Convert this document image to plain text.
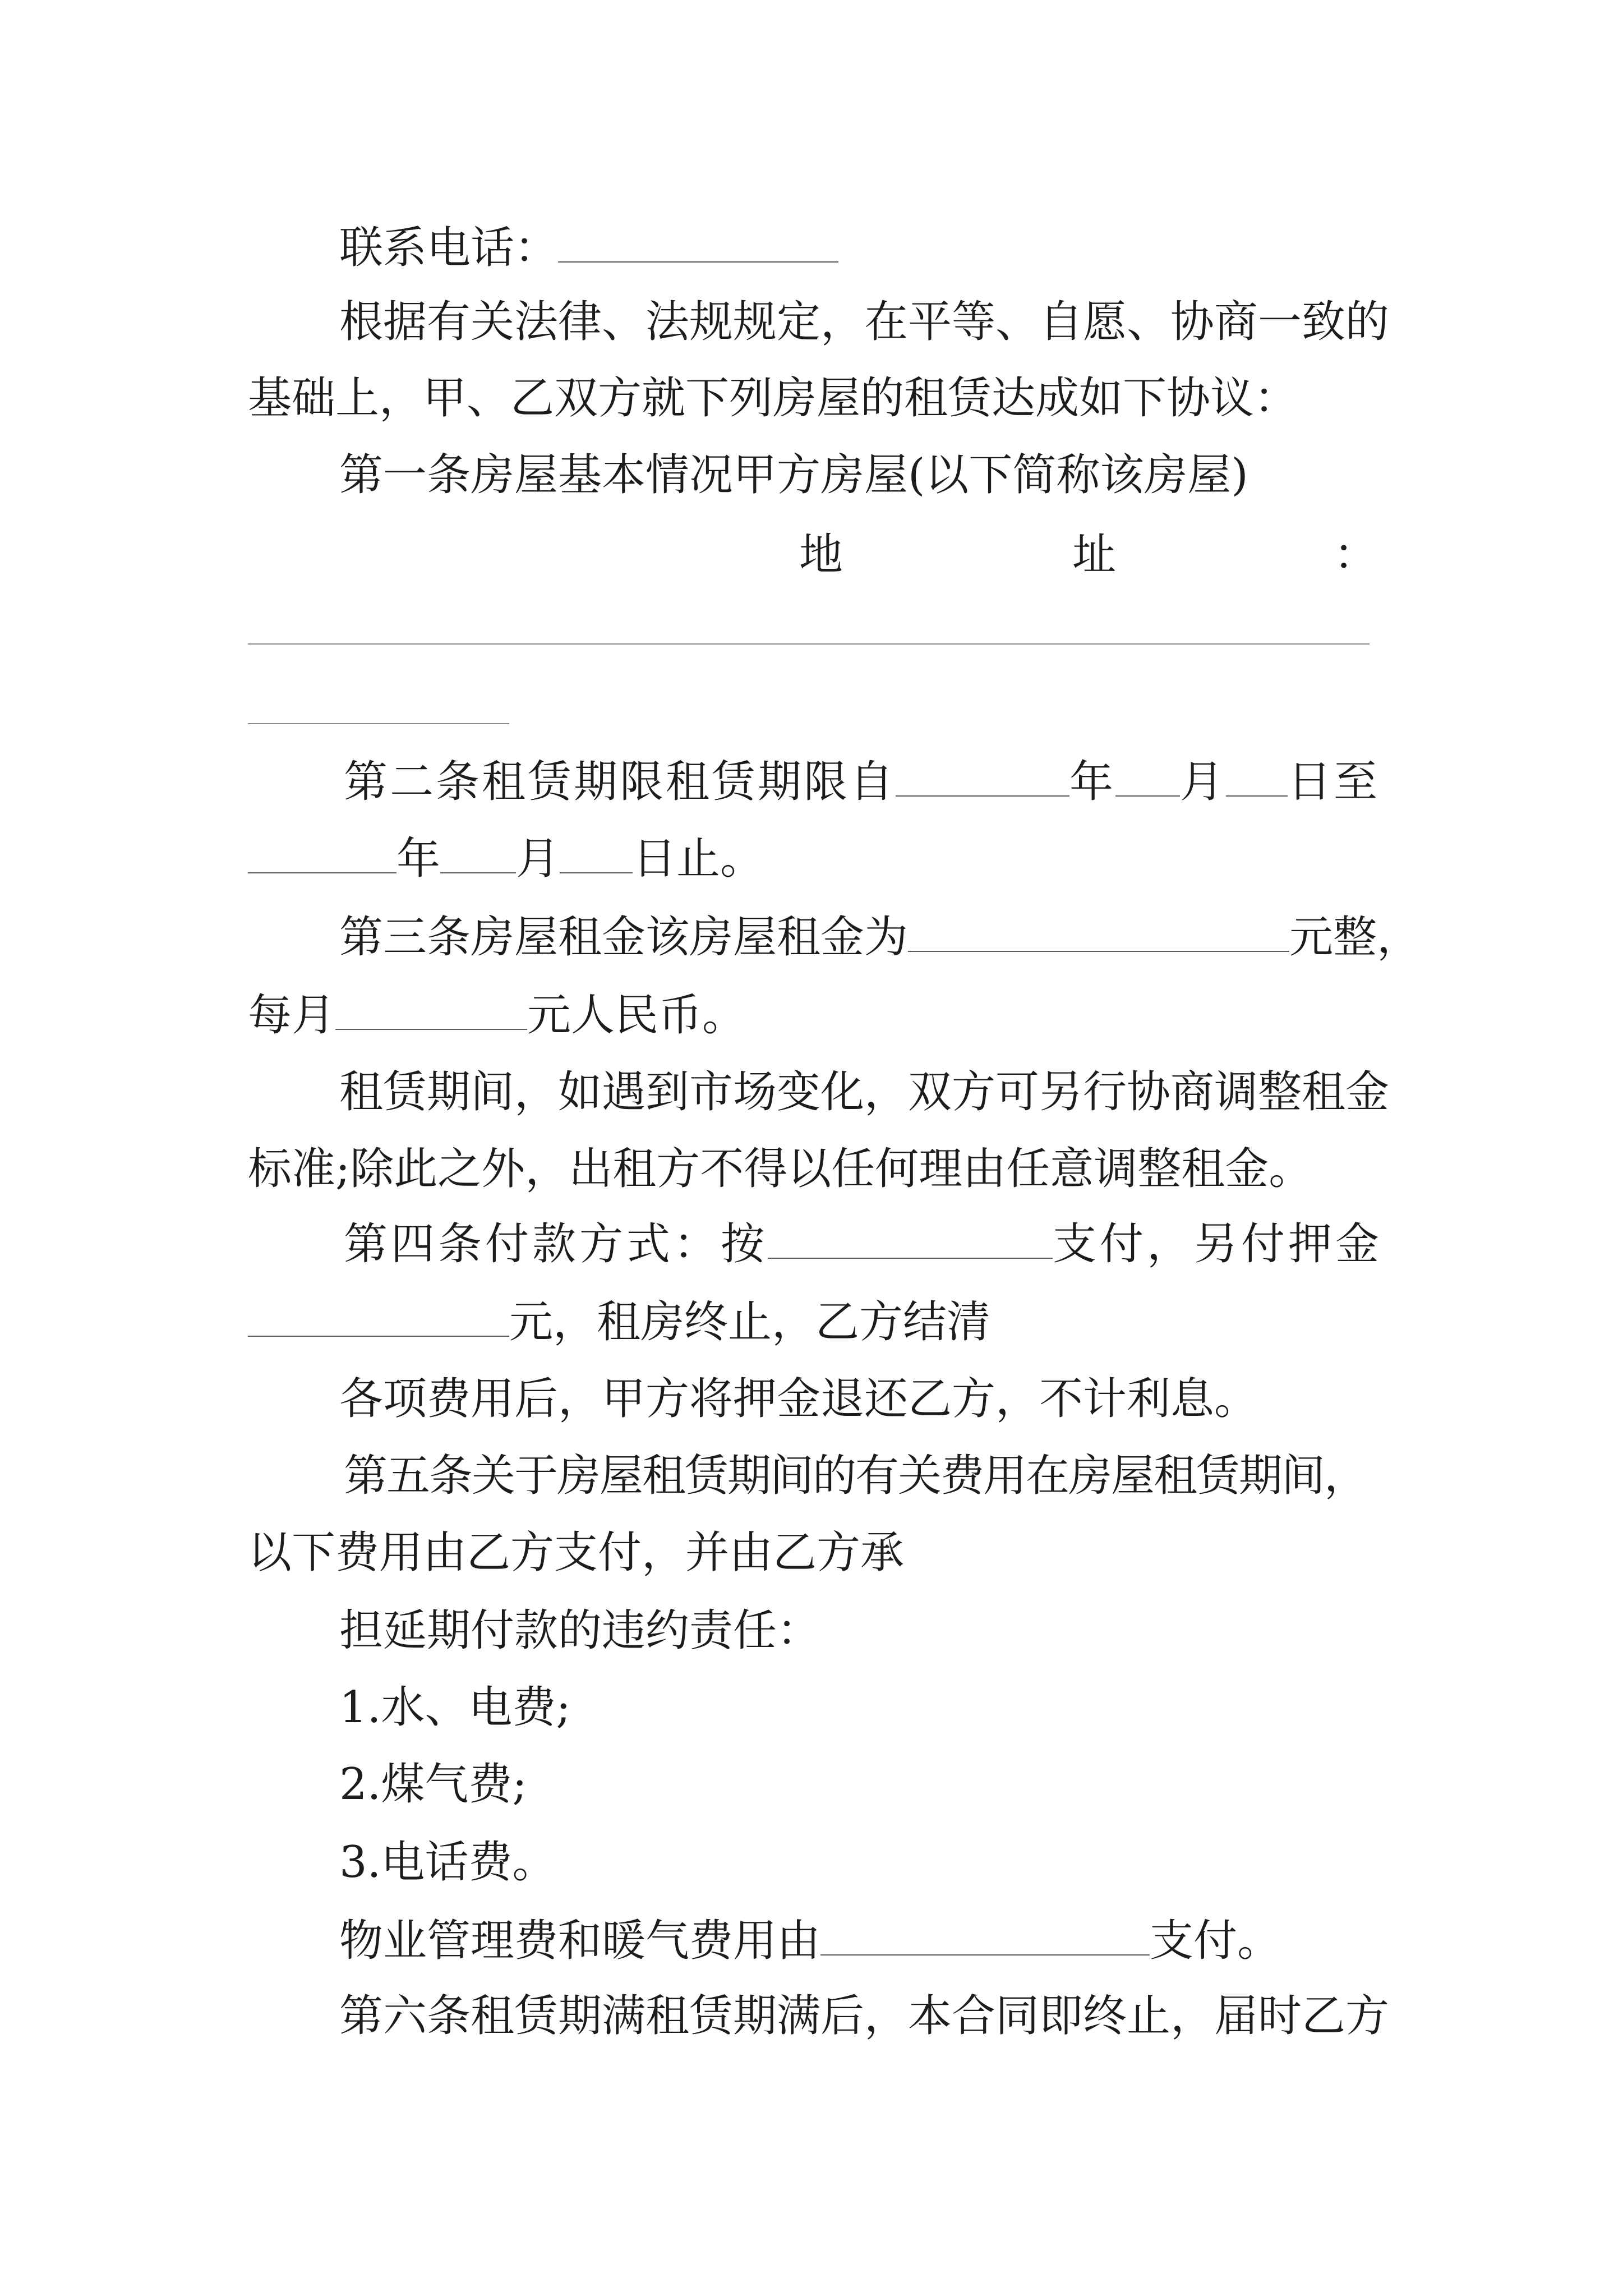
联系电话：
根据有关法律、法规规定，在平等、自愿、协商一致的
基础上，甲、乙双方就下列房屋的租赁达成如下协议：
第一条房屋基本情况甲方房屋(以下简称该房屋)
地	址	：
第二条租赁期限租赁期限自	年 月 日至
年 月 日止。
第三条房屋租金该房屋租金为	元整，
每月	元人民币。
租赁期间，如遇到市场变化，双方可另行协商调整租金
标准;除此之外，出租方不得以任何理由任意调整租金。
第四条付款方式：按	支付，另付押金
元，租房终止，乙方结清
各项费用后，甲方将押金退还乙方，不计利息。
第五条关于房屋租赁期间的有关费用在房屋租赁期间，
以下费用由乙方支付，并由乙方承
担延期付款的违约责任：
1.水、电费;
2.煤气费;
3.电话费。
物业管理费和暖气费用由	支付。
第六条租赁期满租赁期满后，本合同即终止，届时乙方
